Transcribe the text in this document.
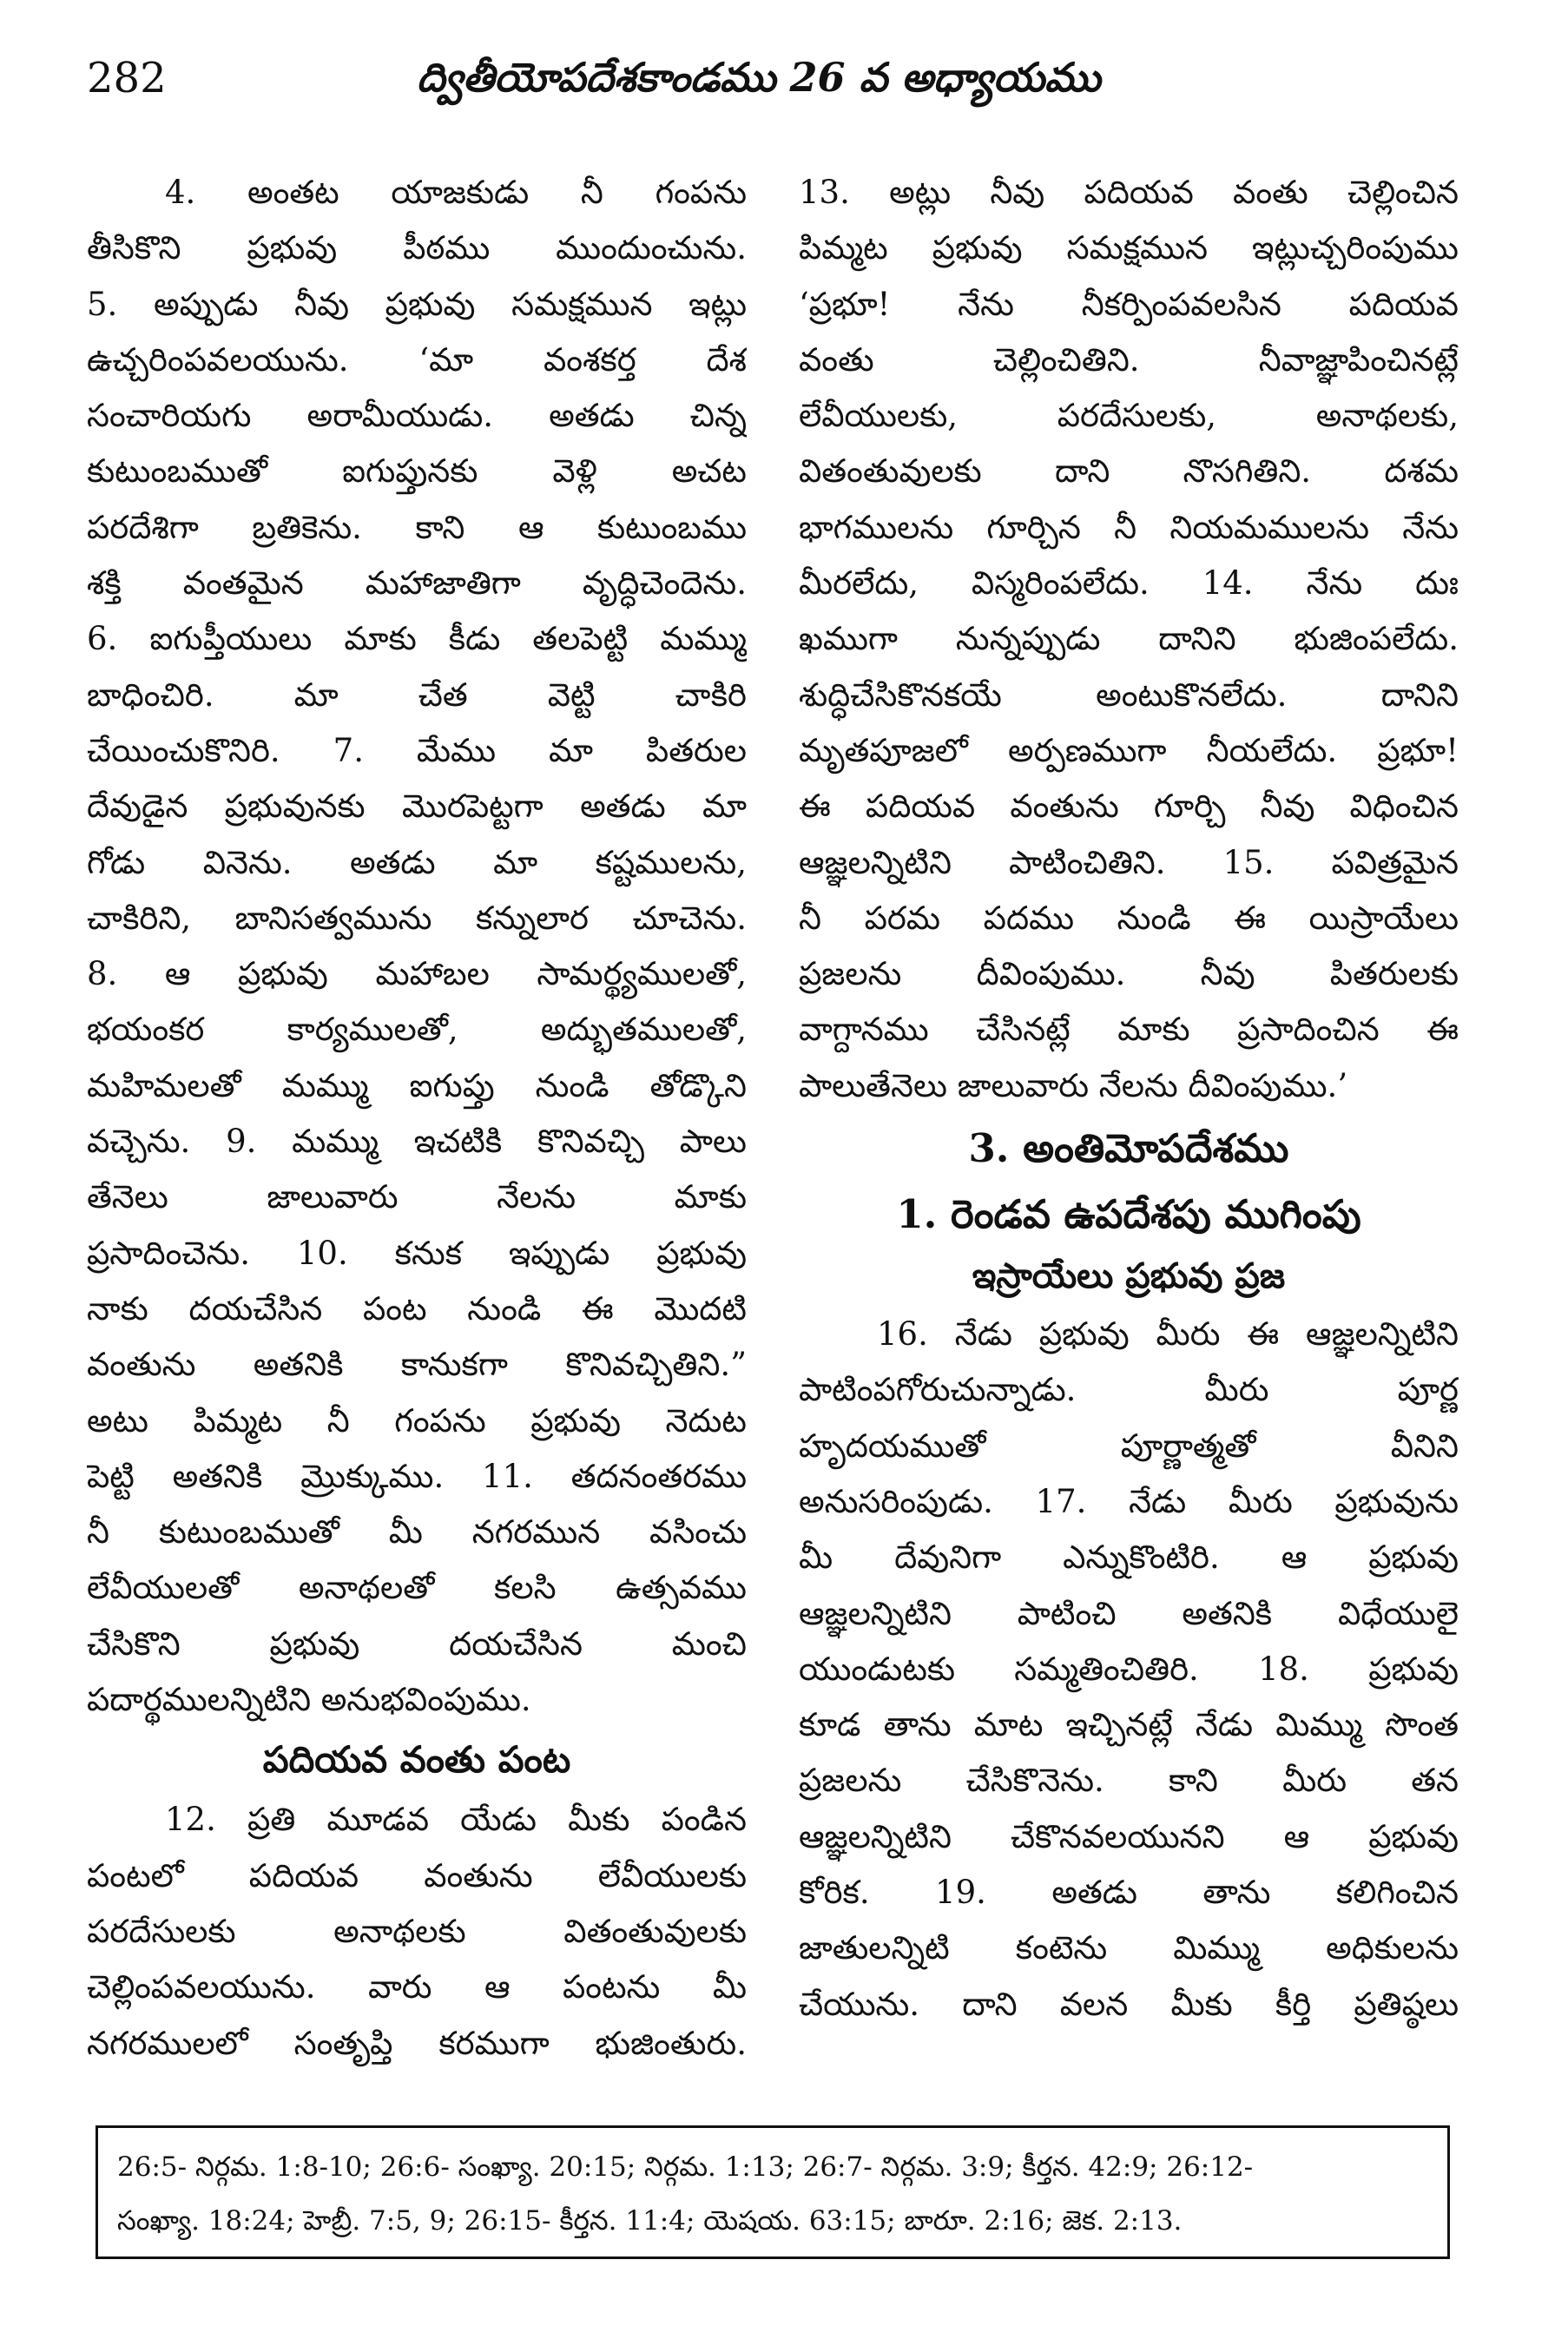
282	ద్వితీయోపదేశకాండము 26 వ అధ్యాయము
4. అంతట యాజకుడు నీ గంపను
తీసికొని ప్రభువు పీఠము ముందుంచును.
5. అప్పుడు నీవు ప్రభువు సమక్షమున ఇట్లు
ఉచ్చరింపవలయును. ‘మా వంశకర్త దేశ
సంచారియగు అరామీయుడు. అతడు చిన్న
కుటుంబముతో ఐగుప్తునకు వెళ్లి అచట
పరదేశిగా బ్రతికెను. కాని ఆ కుటుంబము
శక్తి వంతమైన మహాజాతిగా వృద్ధిచెందెను.
6. ఐగుప్తీయులు మాకు కీడు తలపెట్టి మమ్ము
బాధించిరి. మా చేత వెట్టి చాకిరి
చేయించుకొనిరి. 7. మేము మా పితరుల
దేవుడైన ప్రభువునకు మొరపెట్టగా అతడు మా
గోడు వినెను. అతడు మా కష్టములను,
చాకిరిని, బానిసత్వమును కన్నులార చూచెను.
8. ఆ ప్రభువు మహాబల సామర్థ్యములతో,
భయంకర కార్యములతో, అద్భుతములతో,
మహిమలతో మమ్ము ఐగుప్తు నుండి తోడ్కొని
వచ్చెను. 9. మమ్ము ఇచటికి కొనివచ్చి పాలు
తేనెలు జాలువారు నేలను మాకు
ప్రసాదించెను. 10. కనుక ఇప్పుడు ప్రభువు
నాకు దయచేసిన పంట నుండి ఈ మొదటి
వంతును అతనికి కానుకగా కొనివచ్చితిని.”
అటు పిమ్మట నీ గంపను ప్రభువు నెదుట
పెట్టి అతనికి మ్రొక్కుము. 11. తదనంతరము
నీ కుటుంబముతో మీ నగరమున వసించు
లేవీయులతో అనాథలతో కలసి ఉత్సవము
చేసికొని ప్రభువు దయచేసిన మంచి
పదార్థములన్నిటిని అనుభవింపుము.
పదియవ వంతు పంట
12. ప్రతి మూడవ యేడు మీకు పండిన
పంటలో పదియవ వంతును లేవీయులకు
పరదేసులకు అనాథలకు వితంతువులకు
చెల్లింపవలయును. వారు ఆ పంటను మీ
నగరములలో సంతృప్తి కరముగా భుజింతురు.
13. అట్లు నీవు పదియవ వంతు చెల్లించిన
పిమ్మట ప్రభువు సమక్షమున ఇట్లుచ్చరింపుము
‘ప్రభూ! నేను నీకర్పింపవలసిన పదియవ
వంతు చెల్లించితిని. నీవాజ్ఞాపించినట్లే
లేవీయులకు, పరదేసులకు, అనాథలకు,
వితంతువులకు దాని నొసగితిని. దశమ
భాగములను గూర్చిన నీ నియమములను నేను
మీరలేదు, విస్మరింపలేదు. 14. నేను దుః
ఖముగా నున్నప్పుడు దానిని భుజింపలేదు.
శుద్ధిచేసికొనకయే అంటుకొనలేదు. దానిని
మృతపూజలో అర్పణముగా నీయలేదు. ప్రభూ!
ఈ పదియవ వంతును గూర్చి నీవు విధించిన
ఆజ్ఞలన్నిటిని పాటించితిని. 15. పవిత్రమైన
నీ పరమ పదము నుండి ఈ యిస్రాయేలు
ప్రజలను దీవింపుము. నీవు పితరులకు
వాగ్దానము చేసినట్లే మాకు ప్రసాదించిన ఈ
పాలుతేనెలు జాలువారు నేలను దీవింపుము.’
3. అంతిమోపదేశము
1. రెండవ ఉపదేశపు ముగింపు
ఇస్రాయేలు ప్రభువు ప్రజ
16. నేడు ప్రభువు మీరు ఈ ఆజ్ఞలన్నిటిని
పాటింపగోరుచున్నాడు. మీరు పూర్ణ
హృదయముతో పూర్ణాత్మతో వీనిని
అనుసరింపుడు. 17. నేడు మీరు ప్రభువును
మీ దేవునిగా ఎన్నుకొంటిరి. ఆ ప్రభువు
ఆజ్ఞలన్నిటిని పాటించి అతనికి విధేయులై
యుండుటకు సమ్మతించితిరి. 18. ప్రభువు
కూడ తాను మాట ఇచ్చినట్లే నేడు మిమ్ము సొంత
ప్రజలను చేసికొనెను. కాని మీరు తన
ఆజ్ఞలన్నిటిని చేకొనవలయునని ఆ ప్రభువు
కోరిక. 19. అతడు తాను కలిగించిన
జాతులన్నిటి కంటెను మిమ్ము అధికులను
చేయును. దాని వలన మీకు కీర్తి ప్రతిష్ఠలు
26:5- నిర్గమ. 1:8-10; 26:6- సంఖ్యా. 20:15; నిర్గమ. 1:13; 26:7- నిర్గమ. 3:9; కీర్తన. 42:9; 26:12-
సంఖ్యా. 18:24; హెబ్రీ. 7:5, 9; 26:15- కీర్తన. 11:4; యెషయ. 63:15; బారూ. 2:16; జెక. 2:13.
